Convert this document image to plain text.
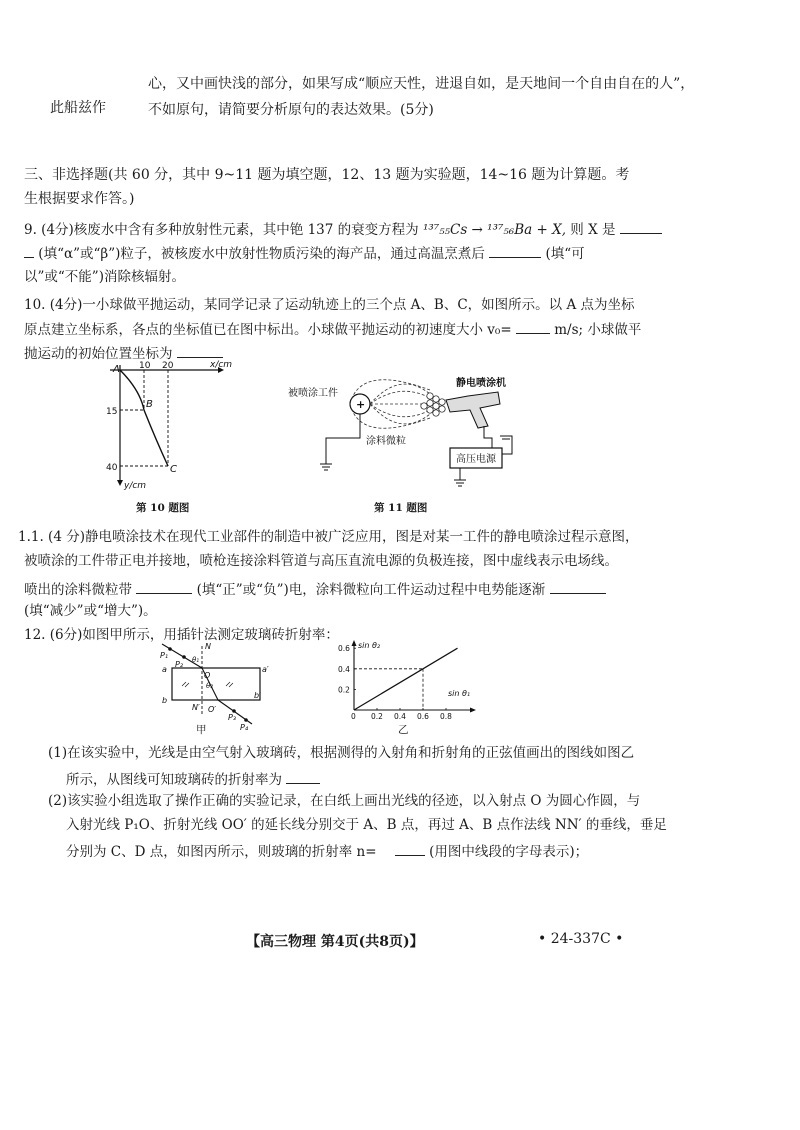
心，又中画快浅的部分，如果写成“顺应天性，进退自如，是天地间一个自由自在的人”，
此船兹作	不如原句，请简要分析原句的表达效果。(5分)
三、非选择题(共 60 分，其中 9~11 题为填空题，12、13 题为实验题，14~16 题为计算题。考
生根据要求作答。)
9. (4分)核废水中含有多种放射性元素，其中铯 137 的衰变方程为 ¹³⁷₅₅Cs → ¹³⁷₅₆Ba + X, 则 X 是
(填“α”或“β”)粒子，被核废水中放射性物质污染的海产品，通过高温烹煮后	(填“可
以”或“不能”)消除核辐射。
10. (4分)一小球做平抛运动，某同学记录了运动轨迹上的三个点 A、B、C，如图所示。以 A 点为坐标
原点建立坐标系，各点的坐标值已在图中标出。小球做平抛运动的初速度大小 v₀=	m/s; 小球做平
抛运动的初始位置坐标为
x/cm
y/cm
10 20
15
40
A
B
C
第 10 题图
被喷涂工件
+
涂料微粒
静电喷涂机
高压电源
第 11 题图
1.1. (4 分)静电喷涂技术在现代工业部件的制造中被广泛应用，图是对某一工件的静电喷涂过程示意图，
被喷涂的工件带正电并接地，喷枪连接涂料管道与高压直流电源的负极连接，图中虚线表示电场线。
喷出的涂料微粒带	(填“正”或“负”)电，涂料微粒向工件运动过程中电势能逐渐
(填“减少”或“增大”)。
12. (6分)如图甲所示，用插针法测定玻璃砖折射率：
P₁
P₂
N
a	a′
b
b′
O
O′
N′
P₃
P₄
θ₁
θ₂
甲
sin θ₂
sin θ₁
0 0.2 0.4 0.6 0.8
0.6
0.4
0.2
乙
(1)在该实验中，光线是由空气射入玻璃砖，根据测得的入射角和折射角的正弦值画出的图线如图乙
所示，从图线可知玻璃砖的折射率为
(2)该实验小组选取了操作正确的实验记录，在白纸上画出光线的径迹，以入射点 O 为圆心作圆，与
入射光线 P₁O、折射光线 OO′ 的延长线分别交于 A、B 点，再过 A、B 点作法线 NN′ 的垂线，垂足
分别为 C、D 点，如图丙所示，则玻璃的折射率 n=	(用图中线段的字母表示)；
【高三物理 第4页(共8页)】	• 24-337C •
